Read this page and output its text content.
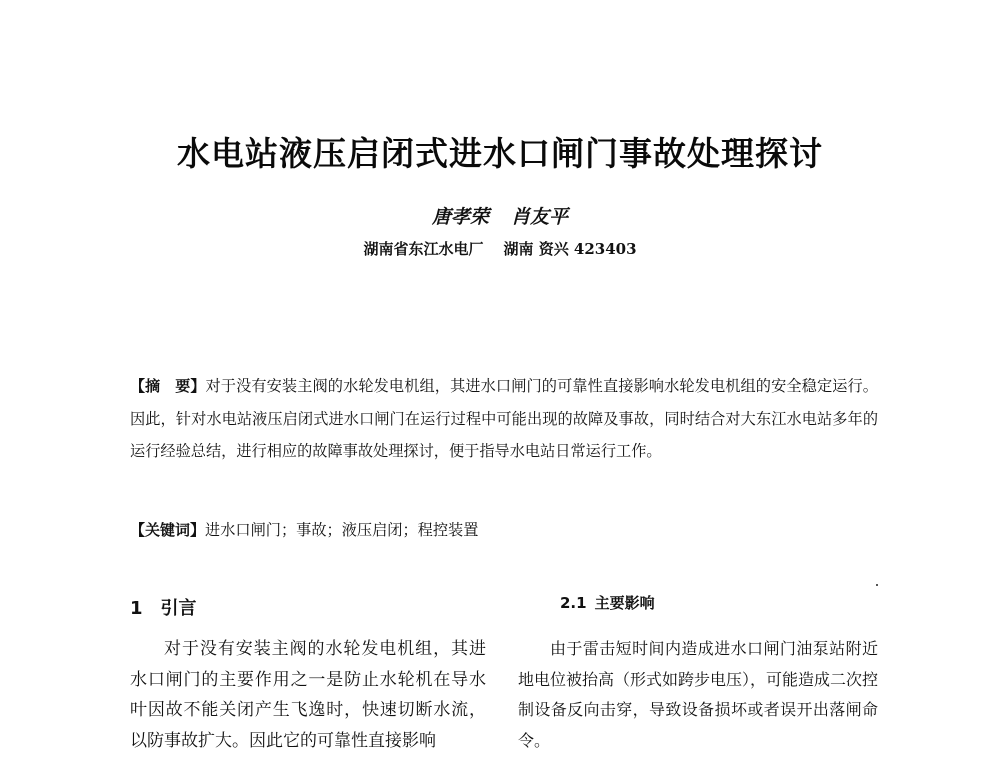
水电站液压启闭式进水口闸门事故处理探讨
唐孝荣 肖友平
湖南省东江水电厂 湖南 资兴 423403
【摘　要】对于没有安装主阀的水轮发电机组，其进水口闸门的可靠性直接影响水轮发电机组的安全稳定运行。因此，针对水电站液压启闭式进水口闸门在运行过程中可能出现的故障及事故，同时结合对大东江水电站多年的运行经验总结，进行相应的故障事故处理探讨，便于指导水电站日常运行工作。
【关键词】进水口闸门；事故；液压启闭；程控装置
1 引言

对于没有安装主阀的水轮发电机组，其进水口闸门的主要作用之一是防止水轮机在导水叶因故不能关闭产生飞逸时，快速切断水流，以防事故扩大。因此它的可靠性直接影响

2.1 主要影响

由于雷击短时间内造成进水口闸门油泵站附近地电位被抬高（形式如跨步电压），可能造成二次控制设备反向击穿，导致设备损坏或者误开出落闸命令。
